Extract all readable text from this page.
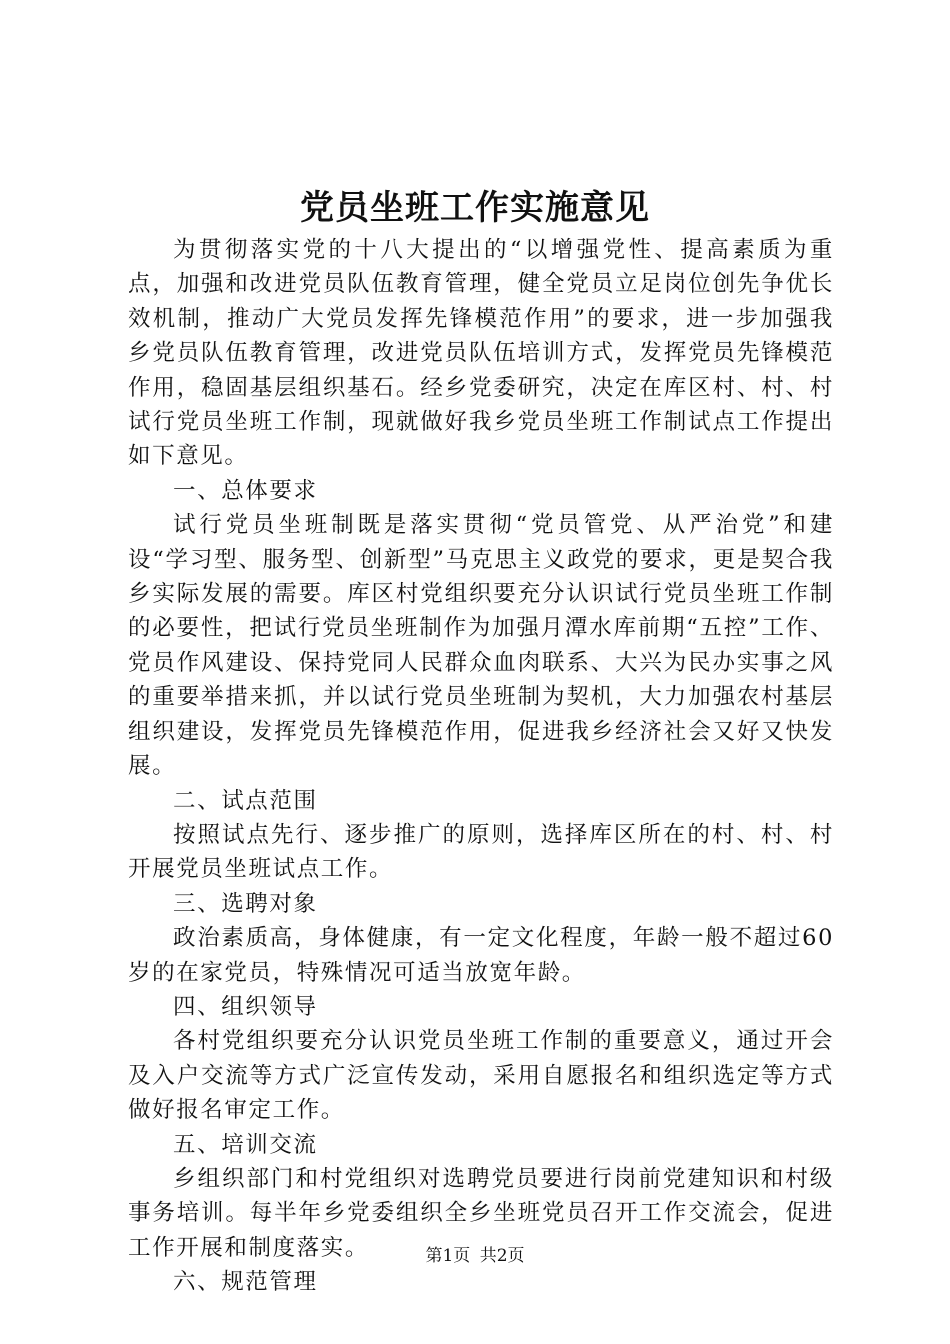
党员坐班工作实施意见

为贯彻落实党的十八大提出的“以增强党性、提高素质为重点，加强和改进党员队伍教育管理，健全党员立足岗位创先争优长效机制，推动广大党员发挥先锋模范作用”的要求，进一步加强我乡党员队伍教育管理，改进党员队伍培训方式，发挥党员先锋模范作用，稳固基层组织基石。经乡党委研究，决定在库区村、村、村试行党员坐班工作制，现就做好我乡党员坐班工作制试点工作提出如下意见。

一、总体要求

试行党员坐班制既是落实贯彻“党员管党、从严治党”和建设“学习型、服务型、创新型”马克思主义政党的要求，更是契合我乡实际发展的需要。库区村党组织要充分认识试行党员坐班工作制的必要性，把试行党员坐班制作为加强月潭水库前期“五控”工作、党员作风建设、保持党同人民群众血肉联系、大兴为民办实事之风的重要举措来抓，并以试行党员坐班制为契机，大力加强农村基层组织建设，发挥党员先锋模范作用，促进我乡经济社会又好又快发展。

二、试点范围

按照试点先行、逐步推广的原则，选择库区所在的村、村、村开展党员坐班试点工作。

三、选聘对象

政治素质高，身体健康，有一定文化程度，年龄一般不超过60岁的在家党员，特殊情况可适当放宽年龄。

四、组织领导

各村党组织要充分认识党员坐班工作制的重要意义，通过开会及入户交流等方式广泛宣传发动，采用自愿报名和组织选定等方式做好报名审定工作。

五、培训交流

乡组织部门和村党组织对选聘党员要进行岗前党建知识和村级事务培训。每半年乡党委组织全乡坐班党员召开工作交流会，促进工作开展和制度落实。

六、规范管理

第1页 共2页
